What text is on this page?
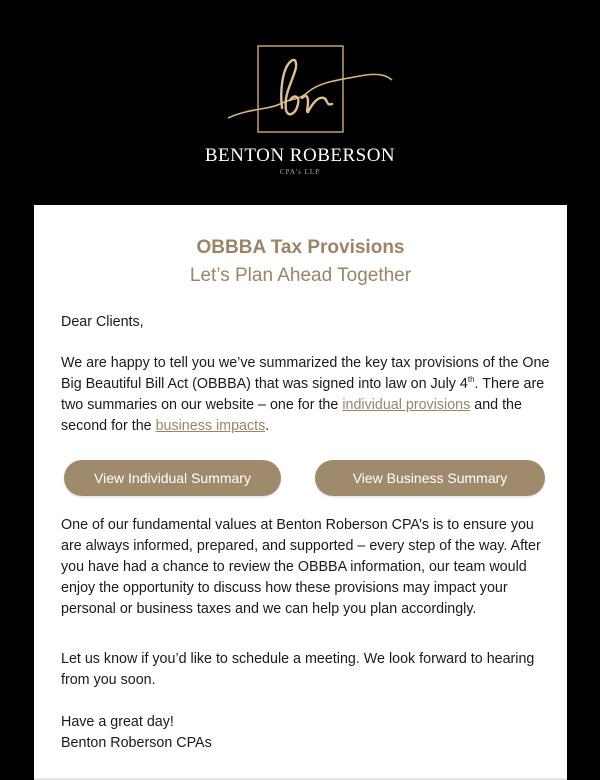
BENTON ROBERSON
CPA's LLP
OBBBA Tax Provisions
Let’s Plan Ahead Together
Dear Clients,
We are happy to tell you we’ve summarized the key tax provisions of the One Big Beautiful Bill Act (OBBBA) that was signed into law on July 4th. There are two summaries on our website – one for the individual provisions and the second for the business impacts.
View Individual Summary	View Business Summary
One of our fundamental values at Benton Roberson CPA’s is to ensure you are always informed, prepared, and supported – every step of the way. After you have had a chance to review the OBBBA information, our team would enjoy the opportunity to discuss how these provisions may impact your personal or business taxes and we can help you plan accordingly.
Let us know if you’d like to schedule a meeting. We look forward to hearing from you soon.
Have a great day!
Benton Roberson CPAs
